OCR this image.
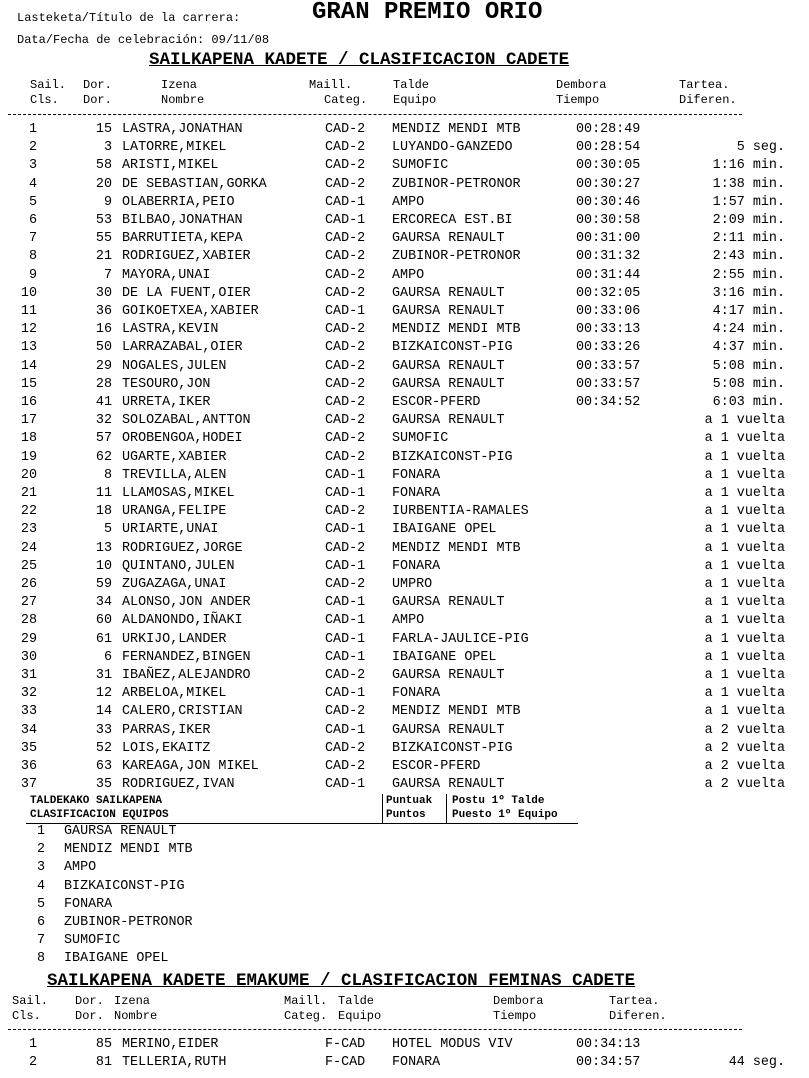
Lasteketa/Título de la carrera:	GRAN PREMIO ORIO
Data/Fecha de celebración: 09/11/08
SAILKAPENA KADETE / CLASIFICACION CADETE
Sail. Dor.	Izena	Maill.	Talde	Dembora	Tartea.
Cls. Dor.	Nombre	Categ. Equipo	Tiempo	Diferen.
1	15 LASTRA,JONATHAN	CAD-2 MENDIZ MENDI MTB	00:28:49
2	3 LATORRE,MIKEL	CAD-2 LUYANDO-GANZEDO	00:28:54	5 seg.
3	58 ARISTI,MIKEL	CAD-2 SUMOFIC	00:30:05	1:16 min.
4	20 DE SEBASTIAN,GORKA	CAD-2 ZUBINOR-PETRONOR	00:30:27	1:38 min.
5	9 OLABERRIA,PEIO	CAD-1 AMPO	00:30:46	1:57 min.
6	53 BILBAO,JONATHAN	CAD-1 ERCORECA EST.BI	00:30:58	2:09 min.
7	55 BARRUTIETA,KEPA	CAD-2 GAURSA RENAULT	00:31:00	2:11 min.
8	21 RODRIGUEZ,XABIER	CAD-2 ZUBINOR-PETRONOR	00:31:32	2:43 min.
9	7 MAYORA,UNAI	CAD-2 AMPO	00:31:44	2:55 min.
10	30 DE LA FUENT,OIER	CAD-2 GAURSA RENAULT	00:32:05	3:16 min.
11	36 GOIKOETXEA,XABIER	CAD-1 GAURSA RENAULT	00:33:06	4:17 min.
12	16 LASTRA,KEVIN	CAD-2 MENDIZ MENDI MTB	00:33:13	4:24 min.
13	50 LARRAZABAL,OIER	CAD-2 BIZKAICONST-PIG	00:33:26	4:37 min.
14	29 NOGALES,JULEN	CAD-2 GAURSA RENAULT	00:33:57	5:08 min.
15	28 TESOURO,JON	CAD-2 GAURSA RENAULT	00:33:57	5:08 min.
16	41 URRETA,IKER	CAD-2 ESCOR-PFERD	00:34:52	6:03 min.
17	32 SOLOZABAL,ANTTON	CAD-2 GAURSA RENAULT	a 1 vuelta
18	57 OROBENGOA,HODEI	CAD-2 SUMOFIC	a 1 vuelta
19	62 UGARTE,XABIER	CAD-2 BIZKAICONST-PIG	a 1 vuelta
20	8 TREVILLA,ALEN	CAD-1 FONARA	a 1 vuelta
21	11 LLAMOSAS,MIKEL	CAD-1 FONARA	a 1 vuelta
22	18 URANGA,FELIPE	CAD-2 IURBENTIA-RAMALES	a 1 vuelta
23	5 URIARTE,UNAI	CAD-1 IBAIGANE OPEL	a 1 vuelta
24	13 RODRIGUEZ,JORGE	CAD-2 MENDIZ MENDI MTB	a 1 vuelta
25	10 QUINTANO,JULEN	CAD-1 FONARA	a 1 vuelta
26	59 ZUGAZAGA,UNAI	CAD-2 UMPRO	a 1 vuelta
27	34 ALONSO,JON ANDER	CAD-1 GAURSA RENAULT	a 1 vuelta
28	60 ALDANONDO,IÑAKI	CAD-1 AMPO	a 1 vuelta
29	61 URKIJO,LANDER	CAD-1 FARLA-JAULICE-PIG	a 1 vuelta
30	6 FERNANDEZ,BINGEN	CAD-1 IBAIGANE OPEL	a 1 vuelta
31	31 IBAÑEZ,ALEJANDRO	CAD-2 GAURSA RENAULT	a 1 vuelta
32	12 ARBELOA,MIKEL	CAD-1 FONARA	a 1 vuelta
33	14 CALERO,CRISTIAN	CAD-2 MENDIZ MENDI MTB	a 1 vuelta
34	33 PARRAS,IKER	CAD-1 GAURSA RENAULT	a 2 vuelta
35	52 LOIS,EKAITZ	CAD-2 BIZKAICONST-PIG	a 2 vuelta
36	63 KAREAGA,JON MIKEL	CAD-2 ESCOR-PFERD	a 2 vuelta
37	35 RODRIGUEZ,IVAN	CAD-1 GAURSA RENAULT	a 2 vuelta
TALDEKAKO SAILKAPENA
CLASIFICACION EQUIPOS
Puntuak
Puntos
Postu 1º Talde
Puesto 1º Equipo
1 GAURSA RENAULT
2 MENDIZ MENDI MTB
3 AMPO
4 BIZKAICONST-PIG
5 FONARA
6 ZUBINOR-PETRONOR
7 SUMOFIC
8 IBAIGANE OPEL
SAILKAPENA KADETE EMAKUME / CLASIFICACION FEMINAS CADETE
Sail. Dor. Izena	Maill. Talde	Dembora	Tartea.
Cls.	Dor. Nombre	Categ. Equipo	Tiempo	Diferen.
1	85 MERINO,EIDER	F-CAD HOTEL MODUS VIV	00:34:13
2	81 TELLERIA,RUTH	F-CAD FONARA	00:34:57	44 seg.
